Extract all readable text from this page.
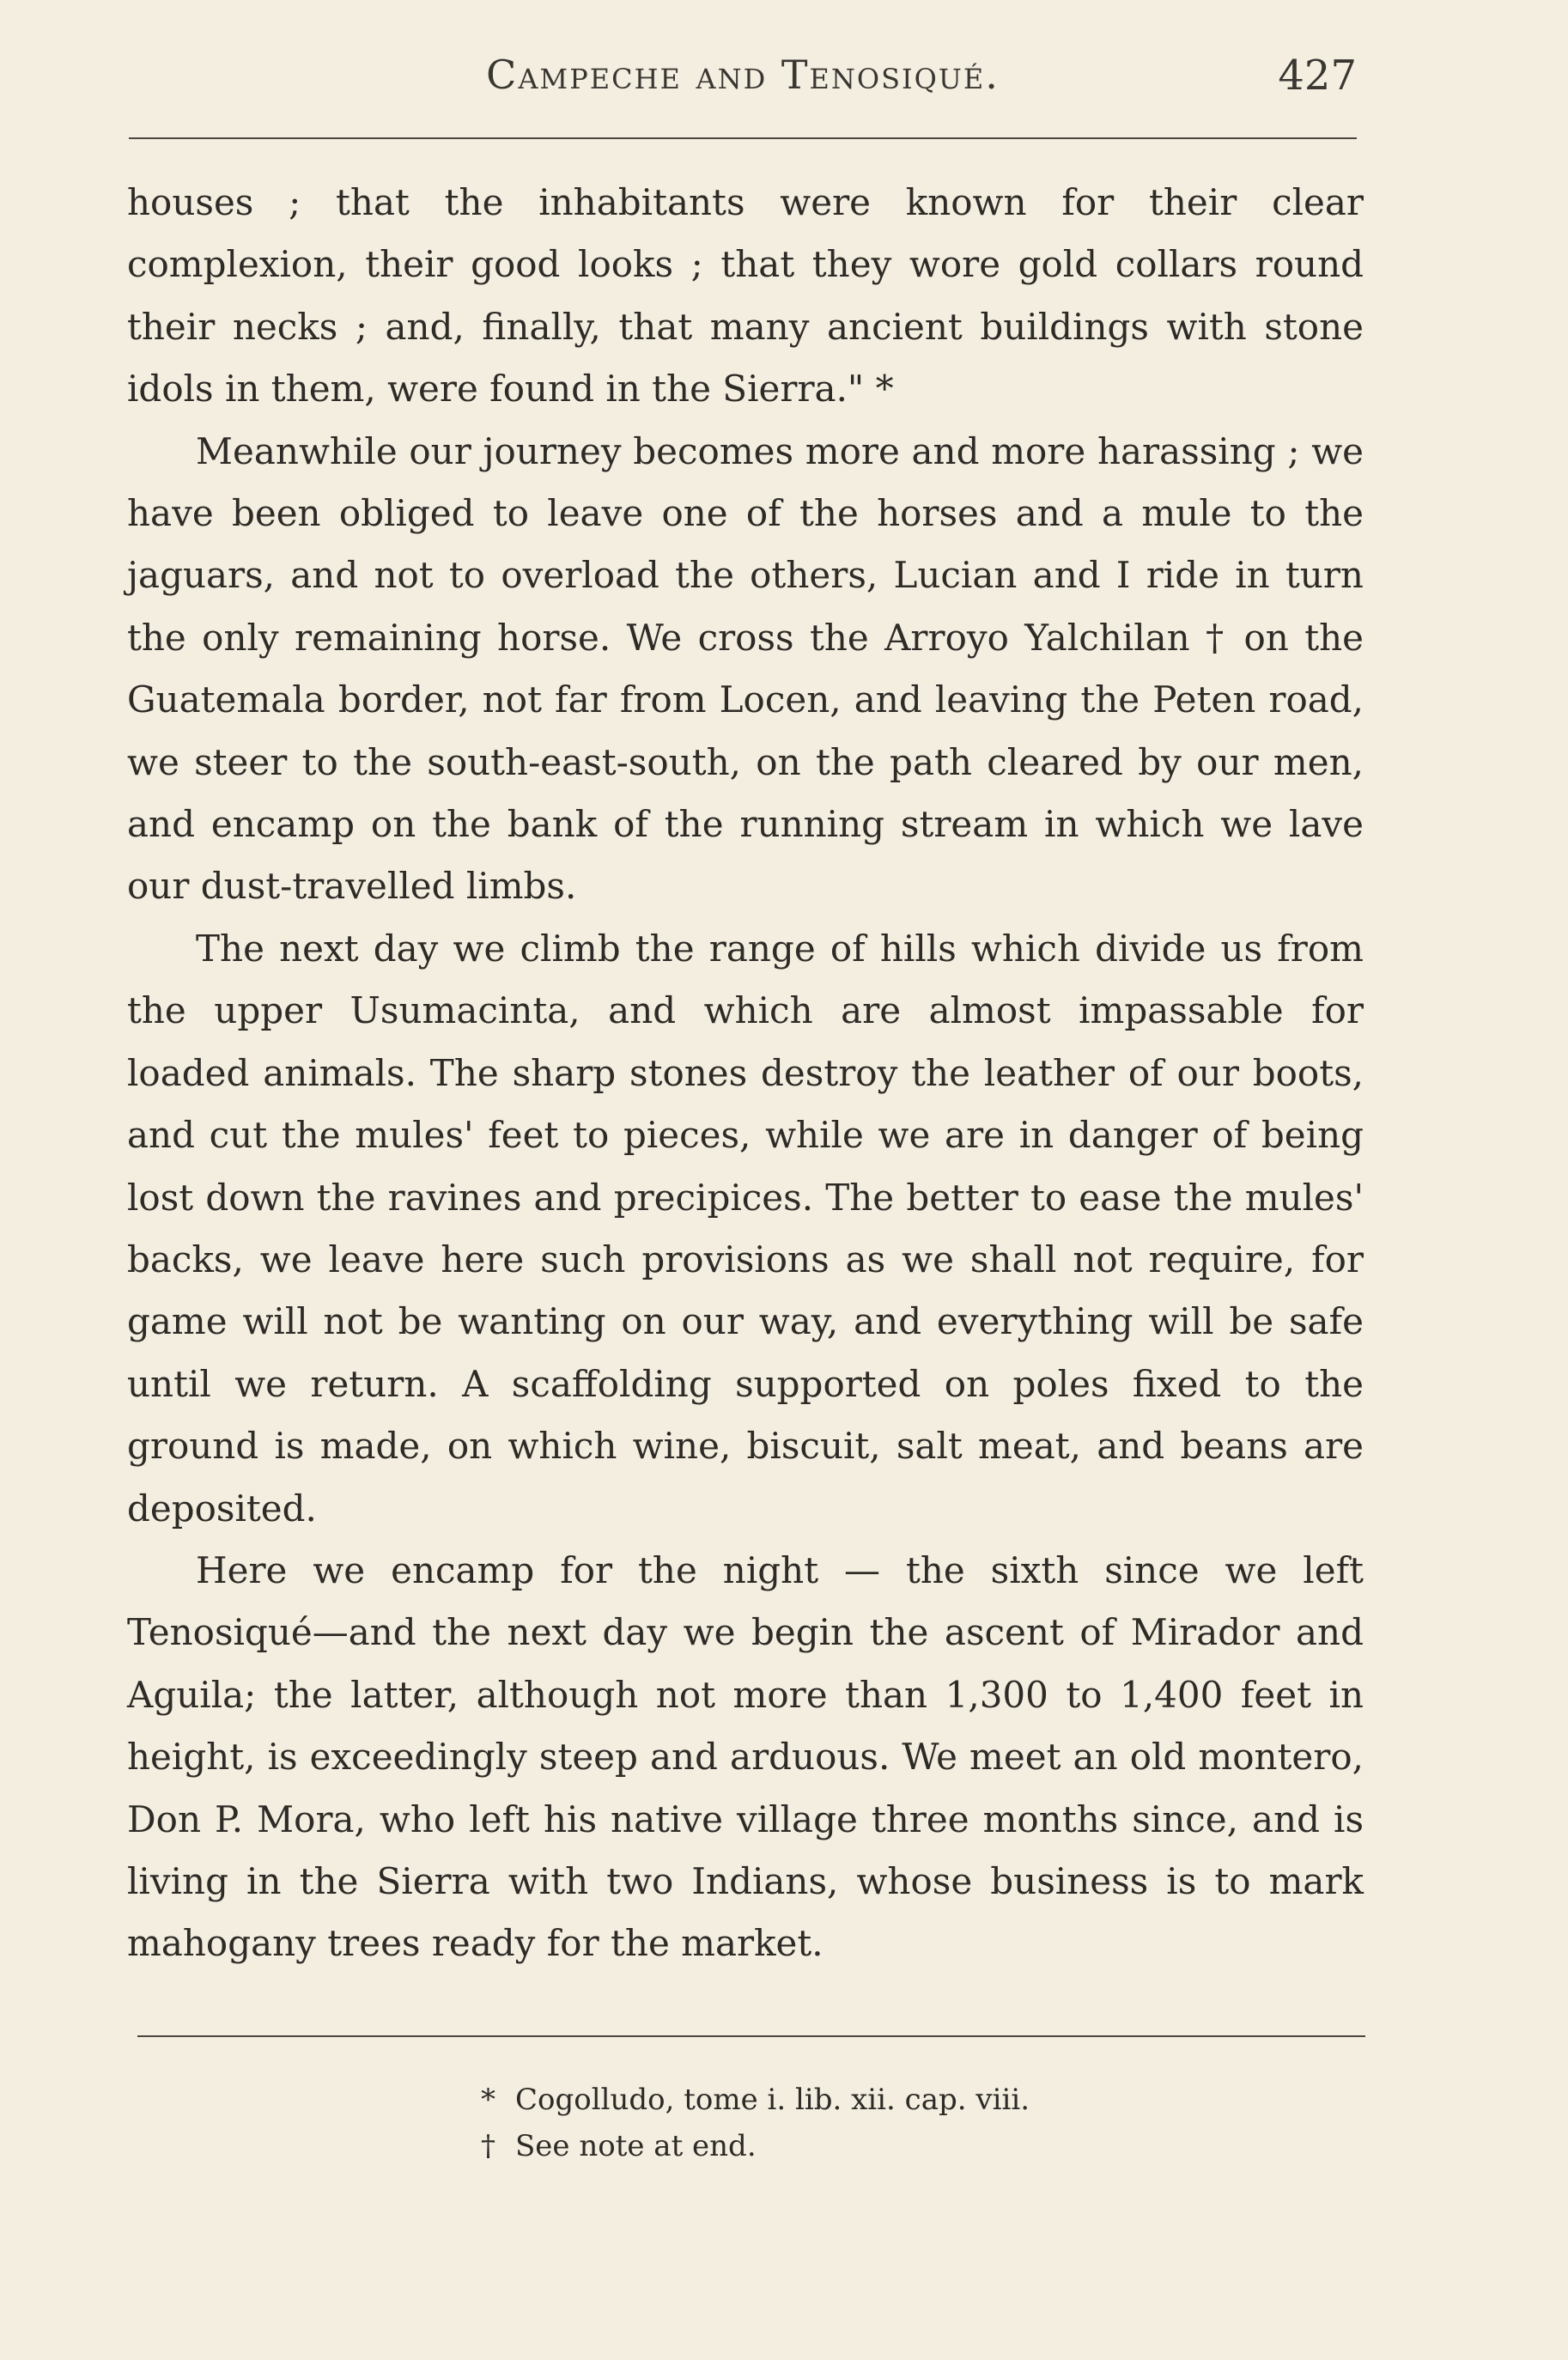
Campeche and Tenosiqué.	427

houses ; that the inhabitants were known for their clear complexion, their good looks ; that they wore gold collars round their necks ; and, finally, that many ancient buildings with stone idols in them, were found in the Sierra." *

Meanwhile our journey becomes more and more harassing ; we have been obliged to leave one of the horses and a mule to the jaguars, and not to overload the others, Lucian and I ride in turn the only remaining horse. We cross the Arroyo Yalchilan † on the Guatemala border, not far from Locen, and leaving the Peten road, we steer to the south-east-south, on the path cleared by our men, and encamp on the bank of the running stream in which we lave our dust-travelled limbs.

The next day we climb the range of hills which divide us from the upper Usumacinta, and which are almost impassable for loaded animals. The sharp stones destroy the leather of our boots, and cut the mules' feet to pieces, while we are in danger of being lost down the ravines and precipices. The better to ease the mules' backs, we leave here such provisions as we shall not require, for game will not be wanting on our way, and everything will be safe until we return. A scaffolding supported on poles fixed to the ground is made, on which wine, biscuit, salt meat, and beans are deposited.

Here we encamp for the night — the sixth since we left Tenosiqué—and the next day we begin the ascent of Mirador and Aguila; the latter, although not more than 1,300 to 1,400 feet in height, is exceedingly steep and arduous. We meet an old montero, Don P. Mora, who left his native village three months since, and is living in the Sierra with two Indians, whose business is to mark mahogany trees ready for the market.

* Cogolludo, tome i. lib. xii. cap. viii.

† See note at end.
